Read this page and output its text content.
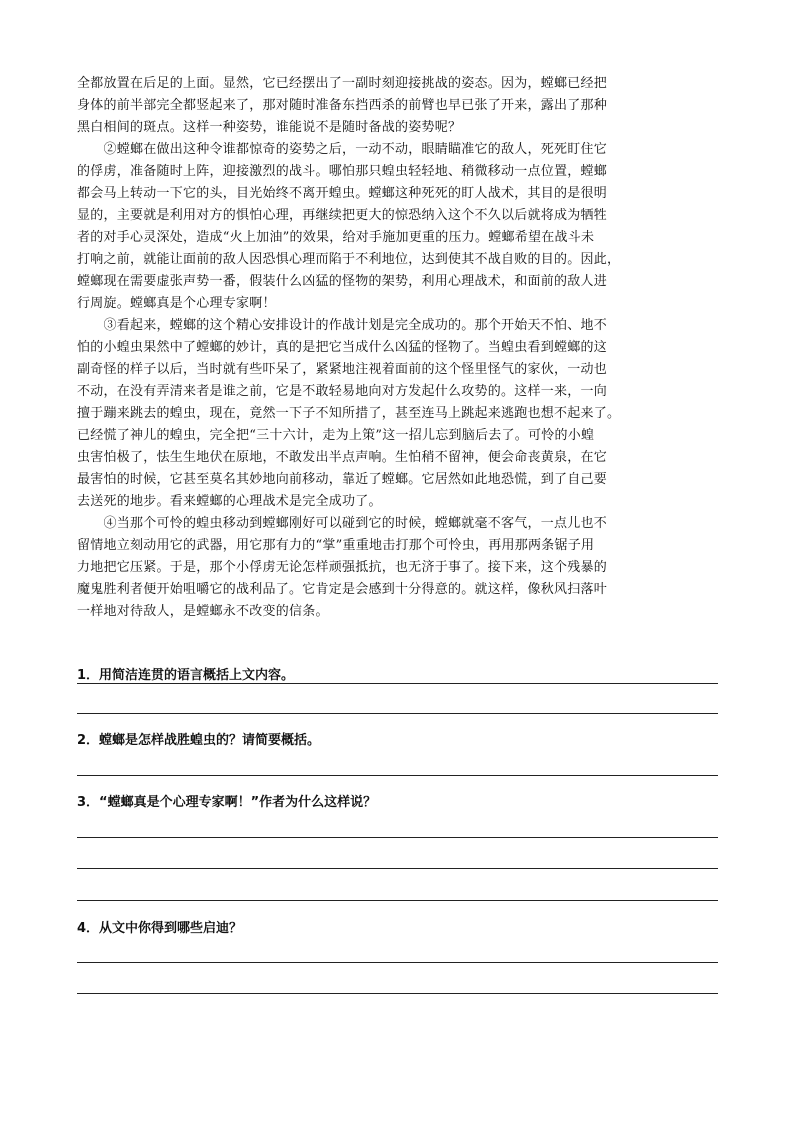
全都放置在后足的上面。显然，它已经摆出了一副时刻迎接挑战的姿态。因为，螳螂已经把
身体的前半部完全都竖起来了，那对随时准备东挡西杀的前臂也早已张了开来，露出了那种
黑白相间的斑点。这样一种姿势，谁能说不是随时备战的姿势呢？
　　②螳螂在做出这种令谁都惊奇的姿势之后，一动不动，眼睛瞄准它的敌人，死死盯住它
的俘虏，准备随时上阵，迎接激烈的战斗。哪怕那只蝗虫轻轻地、稍微移动一点位置，螳螂
都会马上转动一下它的头，目光始终不离开蝗虫。螳螂这种死死的盯人战术，其目的是很明
显的，主要就是利用对方的惧怕心理，再继续把更大的惊恐纳入这个不久以后就将成为牺牲
者的对手心灵深处，造成“火上加油”的效果，给对手施加更重的压力。螳螂希望在战斗未
打响之前，就能让面前的敌人因恐惧心理而陷于不利地位，达到使其不战自败的目的。因此，
螳螂现在需要虚张声势一番，假装什么凶猛的怪物的架势，利用心理战术，和面前的敌人进
行周旋。螳螂真是个心理专家啊！
　　③看起来，螳螂的这个精心安排设计的作战计划是完全成功的。那个开始天不怕、地不
怕的小蝗虫果然中了螳螂的妙计，真的是把它当成什么凶猛的怪物了。当蝗虫看到螳螂的这
副奇怪的样子以后，当时就有些吓呆了，紧紧地注视着面前的这个怪里怪气的家伙，一动也
不动，在没有弄清来者是谁之前，它是不敢轻易地向对方发起什么攻势的。这样一来，一向
擅于蹦来跳去的蝗虫，现在，竟然一下子不知所措了，甚至连马上跳起来逃跑也想不起来了。
已经慌了神儿的蝗虫，完全把“三十六计，走为上策”这一招儿忘到脑后去了。可怜的小蝗
虫害怕极了，怯生生地伏在原地，不敢发出半点声响。生怕稍不留神，便会命丧黄泉，在它
最害怕的时候，它甚至莫名其妙地向前移动，靠近了螳螂。它居然如此地恐慌，到了自己要
去送死的地步。看来螳螂的心理战术是完全成功了。
　　④当那个可怜的蝗虫移动到螳螂刚好可以碰到它的时候，螳螂就毫不客气，一点儿也不
留情地立刻动用它的武器，用它那有力的“掌”重重地击打那个可怜虫，再用那两条锯子用
力地把它压紧。于是，那个小俘虏无论怎样顽强抵抗，也无济于事了。接下来，这个残暴的
魔鬼胜利者便开始咀嚼它的战利品了。它肯定是会感到十分得意的。就这样，像秋风扫落叶
一样地对待敌人，是螳螂永不改变的信条。
1．用简洁连贯的语言概括上文内容。
2．螳螂是怎样战胜蝗虫的？请简要概括。
3．“螳螂真是个心理专家啊！”作者为什么这样说？
4．从文中你得到哪些启迪？
